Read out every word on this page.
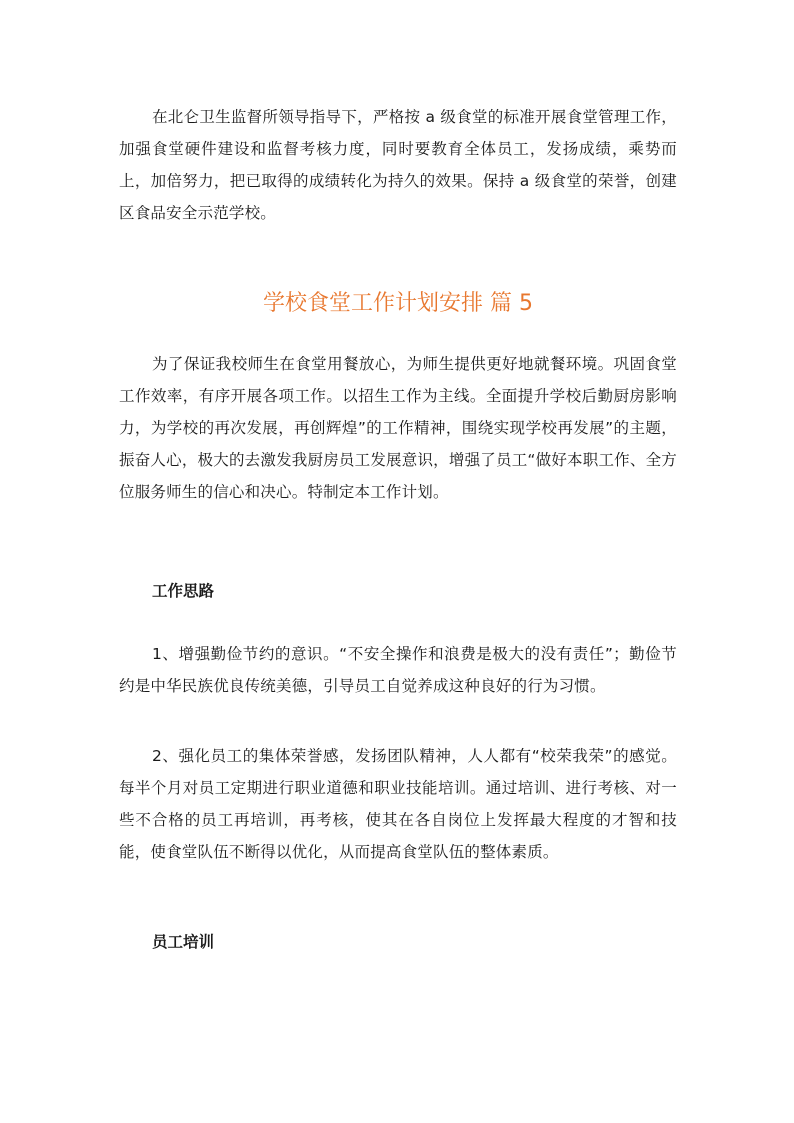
在北仑卫生监督所领导指导下，严格按 a 级食堂的标准开展食堂管理工作，加强食堂硬件建设和监督考核力度，同时要教育全体员工，发扬成绩，乘势而上，加倍努力，把已取得的成绩转化为持久的效果。保持 a 级食堂的荣誉，创建区食品安全示范学校。

学校食堂工作计划安排 篇 5

为了保证我校师生在食堂用餐放心，为师生提供更好地就餐环境。巩固食堂工作效率，有序开展各项工作。以招生工作为主线。全面提升学校后勤厨房影响力，为学校的再次发展，再创辉煌”的工作精神，围绕实现学校再发展”的主题，振奋人心，极大的去激发我厨房员工发展意识，增强了员工“做好本职工作、全方位服务师生的信心和决心。特制定本工作计划。

工作思路

1、增强勤俭节约的意识。“不安全操作和浪费是极大的没有责任”；勤俭节约是中华民族优良传统美德，引导员工自觉养成这种良好的行为习惯。

2、强化员工的集体荣誉感，发扬团队精神，人人都有“校荣我荣”的感觉。每半个月对员工定期进行职业道德和职业技能培训。通过培训、进行考核、对一些不合格的员工再培训，再考核，使其在各自岗位上发挥最大程度的才智和技能，使食堂队伍不断得以优化，从而提高食堂队伍的整体素质。

员工培训
